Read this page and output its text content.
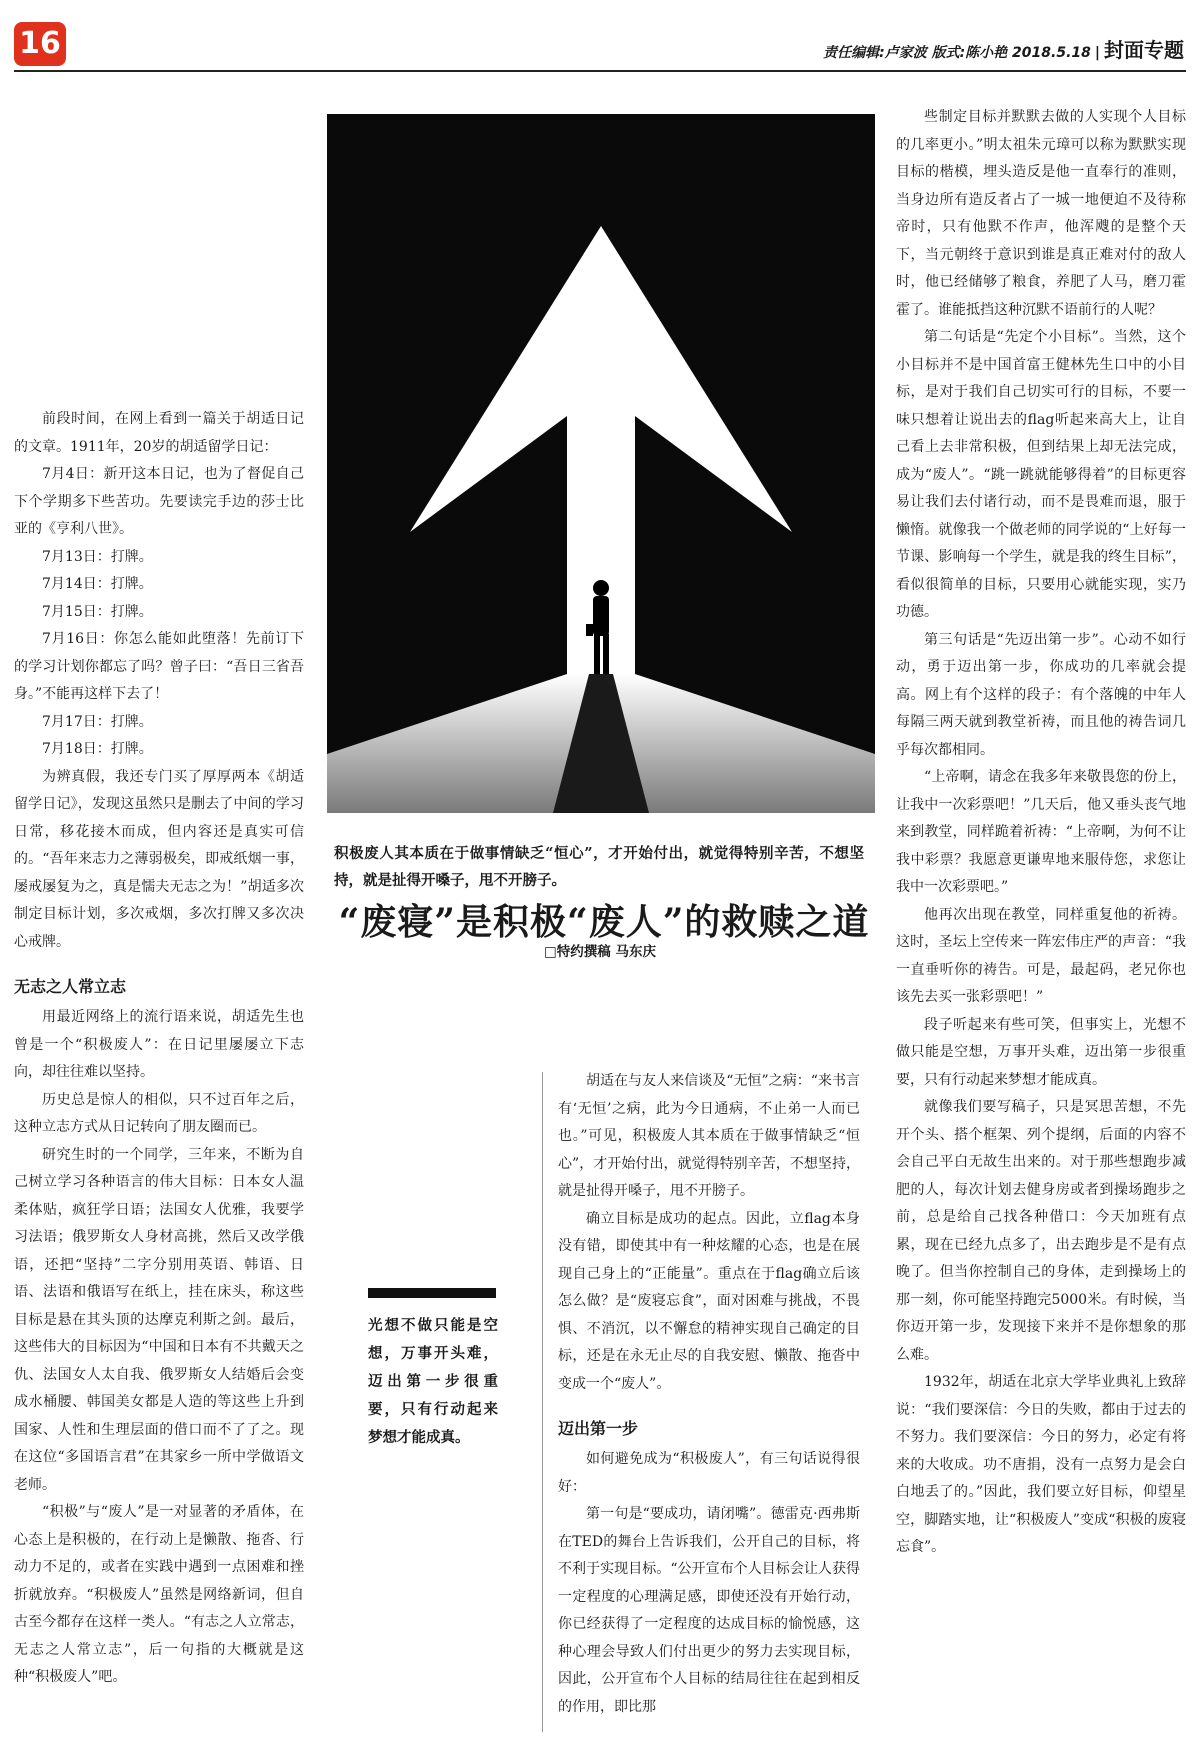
16	责任编辑:卢家波 版式:陈小艳 2018.5.18 | 封面专题

前段时间，在网上看到一篇关于胡适日记的文章。1911年，20岁的胡适留学日记：

7月4日：新开这本日记，也为了督促自己下个学期多下些苦功。先要读完手边的莎士比亚的《亨利八世》。

7月13日：打牌。

7月14日：打牌。

7月15日：打牌。

7月16日：你怎么能如此堕落！先前订下的学习计划你都忘了吗？曾子曰：“吾日三省吾身。”不能再这样下去了！

7月17日：打牌。

7月18日：打牌。

为辨真假，我还专门买了厚厚两本《胡适留学日记》，发现这虽然只是删去了中间的学习日常，移花接木而成，但内容还是真实可信的。“吾年来志力之薄弱极矣，即戒纸烟一事，屡戒屡复为之，真是懦夫无志之为！”胡适多次制定目标计划，多次戒烟，多次打牌又多次决心戒牌。

无志之人常立志

用最近网络上的流行语来说，胡适先生也曾是一个“积极废人”：在日记里屡屡立下志向，却往往难以坚持。

历史总是惊人的相似，只不过百年之后，这种立志方式从日记转向了朋友圈而已。

研究生时的一个同学，三年来，不断为自己树立学习各种语言的伟大目标：日本女人温柔体贴，疯狂学日语；法国女人优雅，我要学习法语；俄罗斯女人身材高挑，然后又改学俄语，还把“坚持”二字分别用英语、韩语、日语、法语和俄语写在纸上，挂在床头，称这些目标是悬在其头顶的达摩克利斯之剑。最后，这些伟大的目标因为“中国和日本有不共戴天之仇、法国女人太自我、俄罗斯女人结婚后会变成水桶腰、韩国美女都是人造的等这些上升到国家、人性和生理层面的借口而不了了之。现在这位“多国语言君”在其家乡一所中学做语文老师。

“积极”与“废人”是一对显著的矛盾体，在心态上是积极的，在行动上是懒散、拖沓、行动力不足的，或者在实践中遇到一点困难和挫折就放弃。“积极废人”虽然是网络新词，但自古至今都存在这样一类人。“有志之人立常志，无志之人常立志”，后一句指的大概就是这种“积极废人”吧。

积极废人其本质在于做事情缺乏“恒心”，才开始付出，就觉得特别辛苦，不想坚持，就是扯得开嗓子，甩不开膀子。
“废寝”是积极“废人”的救赎之道
□特约撰稿 马东庆
光想不做只能是空想，万事开头难，迈出第一步很重要，只有行动起来梦想才能成真。

胡适在与友人来信谈及“无恒”之病：“来书言有‘无恒’之病，此为今日通病，不止弟一人而已也。”可见，积极废人其本质在于做事情缺乏“恒心”，才开始付出，就觉得特别辛苦，不想坚持，就是扯得开嗓子，甩不开膀子。

确立目标是成功的起点。因此，立flag本身没有错，即使其中有一种炫耀的心态，也是在展现自己身上的“正能量”。重点在于flag确立后该怎么做？是“废寝忘食”，面对困难与挑战，不畏惧、不消沉，以不懈怠的精神实现自己确定的目标，还是在永无止尽的自我安慰、懒散、拖沓中变成一个“废人”。

迈出第一步

如何避免成为“积极废人”，有三句话说得很好：

第一句是“要成功，请闭嘴”。德雷克·西弗斯在TED的舞台上告诉我们，公开自己的目标，将不利于实现目标。“公开宣布个人目标会让人获得一定程度的心理满足感，即使还没有开始行动，你已经获得了一定程度的达成目标的愉悦感，这种心理会导致人们付出更少的努力去实现目标，因此，公开宣布个人目标的结局往往在起到相反的作用，即比那

些制定目标并默默去做的人实现个人目标的几率更小。”明太祖朱元璋可以称为默默实现目标的楷模，埋头造反是他一直奉行的准则，当身边所有造反者占了一城一地便迫不及待称帝时，只有他默不作声，他浑飕的是整个天下，当元朝终于意识到谁是真正难对付的敌人时，他已经储够了粮食，养肥了人马，磨刀霍霍了。谁能抵挡这种沉默不语前行的人呢？

第二句话是“先定个小目标”。当然，这个小目标并不是中国首富王健林先生口中的小目标，是对于我们自己切实可行的目标，不要一味只想着让说出去的flag听起来高大上，让自己看上去非常积极，但到结果上却无法完成，成为“废人”。“跳一跳就能够得着”的目标更容易让我们去付诸行动，而不是畏难而退，服于懒惰。就像我一个做老师的同学说的“上好每一节课、影响每一个学生，就是我的终生目标”，看似很简单的目标，只要用心就能实现，实乃功德。

第三句话是“先迈出第一步”。心动不如行动，勇于迈出第一步，你成功的几率就会提高。网上有个这样的段子：有个落魄的中年人每隔三两天就到教堂祈祷，而且他的祷告词几乎每次都相同。

“上帝啊，请念在我多年来敬畏您的份上，让我中一次彩票吧！”几天后，他又垂头丧气地来到教堂，同样跪着祈祷：“上帝啊，为何不让我中彩票？我愿意更谦卑地来服侍您，求您让我中一次彩票吧。”

他再次出现在教堂，同样重复他的祈祷。这时，圣坛上空传来一阵宏伟庄严的声音：“我一直垂听你的祷告。可是，最起码，老兄你也该先去买一张彩票吧！”

段子听起来有些可笑，但事实上，光想不做只能是空想，万事开头难，迈出第一步很重要，只有行动起来梦想才能成真。

就像我们要写稿子，只是冥思苦想，不先开个头、搭个框架、列个提纲，后面的内容不会自己平白无故生出来的。对于那些想跑步减肥的人，每次计划去健身房或者到操场跑步之前，总是给自己找各种借口：今天加班有点累，现在已经九点多了，出去跑步是不是有点晚了。但当你控制自己的身体，走到操场上的那一刻，你可能坚持跑完5000米。有时候，当你迈开第一步，发现接下来并不是你想象的那么难。

1932年，胡适在北京大学毕业典礼上致辞说：“我们要深信：今日的失败，都由于过去的不努力。我们要深信：今日的努力，必定有将来的大收成。功不唐捐，没有一点努力是会白白地丢了的。”因此，我们要立好目标，仰望星空，脚踏实地，让“积极废人”变成“积极的废寝忘食”。
